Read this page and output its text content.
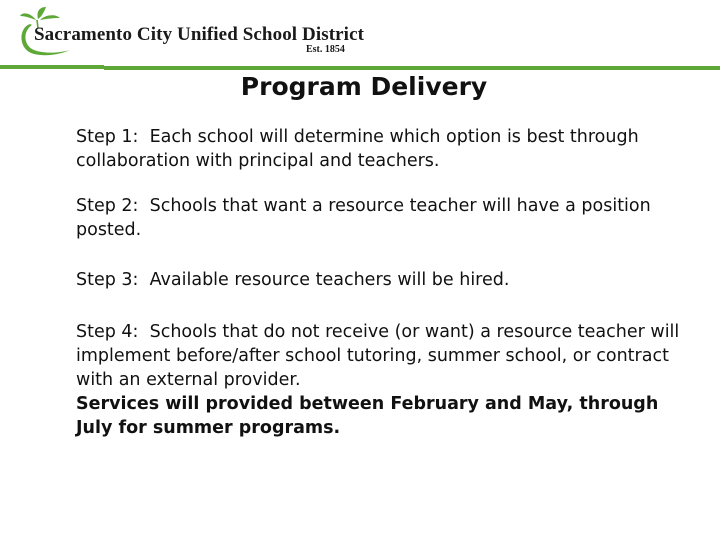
Sacramento City Unified School District
Est. 1854
Program Delivery

Step 1: Each school will determine which option is best through collaboration with principal and teachers.

Step 2: Schools that want a resource teacher will have a position posted.

Step 3: Available resource teachers will be hired.

Step 4: Schools that do not receive (or want) a resource teacher will implement before/after school tutoring, summer school, or contract with an external provider.

Services will provided between February and May, through July for summer programs.
